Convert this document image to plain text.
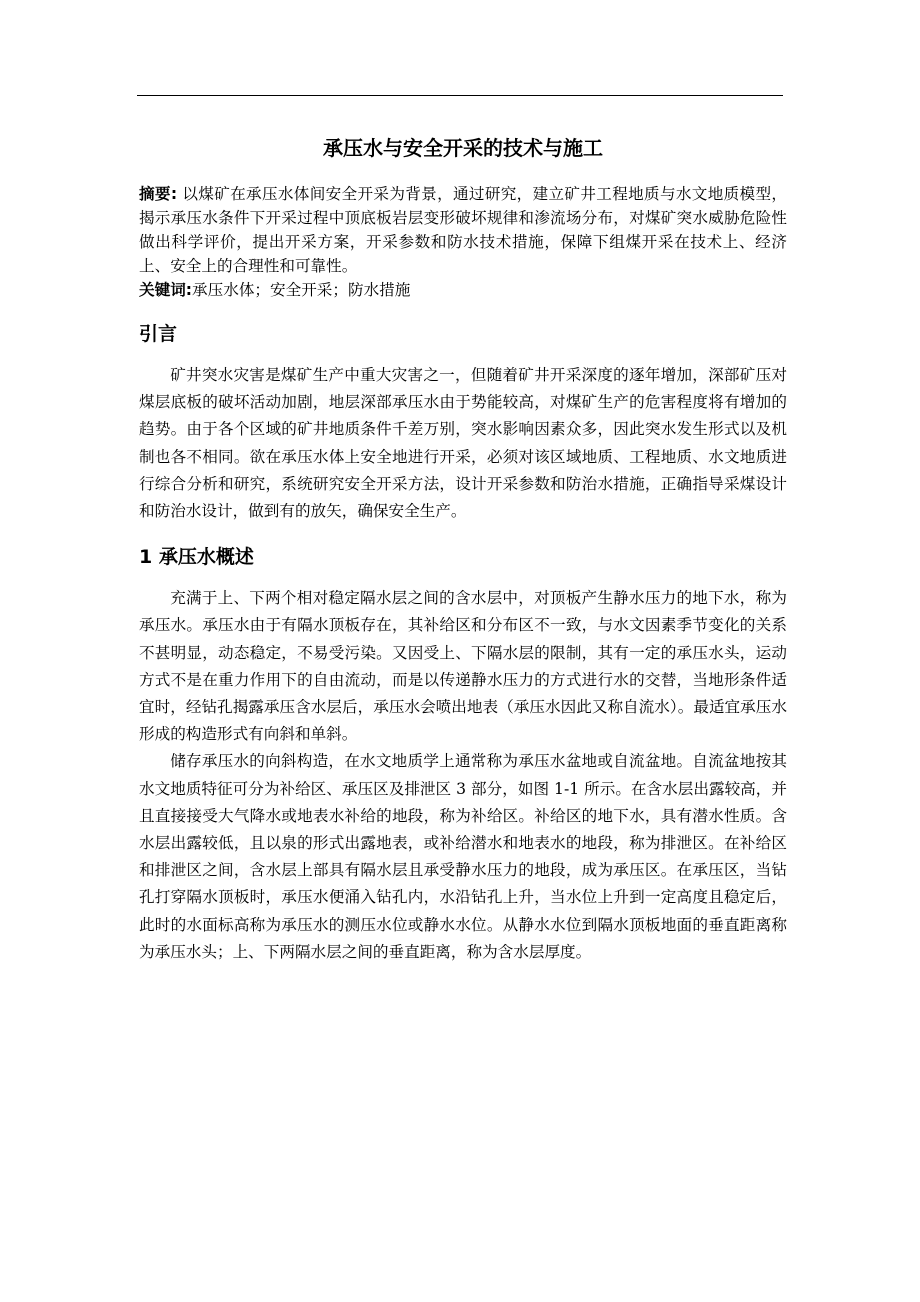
承压水与安全开采的技术与施工

摘要: 以煤矿在承压水体间安全开采为背景，通过研究，建立矿井工程地质与水文地质模型，揭示承压水条件下开采过程中顶底板岩层变形破坏规律和渗流场分布，对煤矿突水威胁危险性做出科学评价，提出开采方案，开采参数和防水技术措施，保障下组煤开采在技术上、经济上、安全上的合理性和可靠性。

关键词:承压水体；安全开采；防水措施

引言

矿井突水灾害是煤矿生产中重大灾害之一，但随着矿井开采深度的逐年增加，深部矿压对煤层底板的破坏活动加剧，地层深部承压水由于势能较高，对煤矿生产的危害程度将有增加的趋势。由于各个区域的矿井地质条件千差万别，突水影响因素众多，因此突水发生形式以及机制也各不相同。欲在承压水体上安全地进行开采，必须对该区域地质、工程地质、水文地质进行综合分析和研究，系统研究安全开采方法，设计开采参数和防治水措施，正确指导采煤设计和防治水设计，做到有的放矢，确保安全生产。

1 承压水概述

充满于上、下两个相对稳定隔水层之间的含水层中，对顶板产生静水压力的地下水，称为承压水。承压水由于有隔水顶板存在，其补给区和分布区不一致，与水文因素季节变化的关系不甚明显，动态稳定，不易受污染。又因受上、下隔水层的限制，其有一定的承压水头，运动方式不是在重力作用下的自由流动，而是以传递静水压力的方式进行水的交替，当地形条件适宜时，经钻孔揭露承压含水层后，承压水会喷出地表（承压水因此又称自流水）。最适宜承压水形成的构造形式有向斜和单斜。

储存承压水的向斜构造，在水文地质学上通常称为承压水盆地或自流盆地。自流盆地按其水文地质特征可分为补给区、承压区及排泄区 3 部分，如图 1-1 所示。在含水层出露较高，并且直接接受大气降水或地表水补给的地段，称为补给区。补给区的地下水，具有潜水性质。含水层出露较低，且以泉的形式出露地表，或补给潜水和地表水的地段，称为排泄区。在补给区和排泄区之间，含水层上部具有隔水层且承受静水压力的地段，成为承压区。在承压区，当钻孔打穿隔水顶板时，承压水便涌入钻孔内，水沿钻孔上升，当水位上升到一定高度且稳定后，此时的水面标高称为承压水的测压水位或静水水位。从静水水位到隔水顶板地面的垂直距离称为承压水头；上、下两隔水层之间的垂直距离，称为含水层厚度。
